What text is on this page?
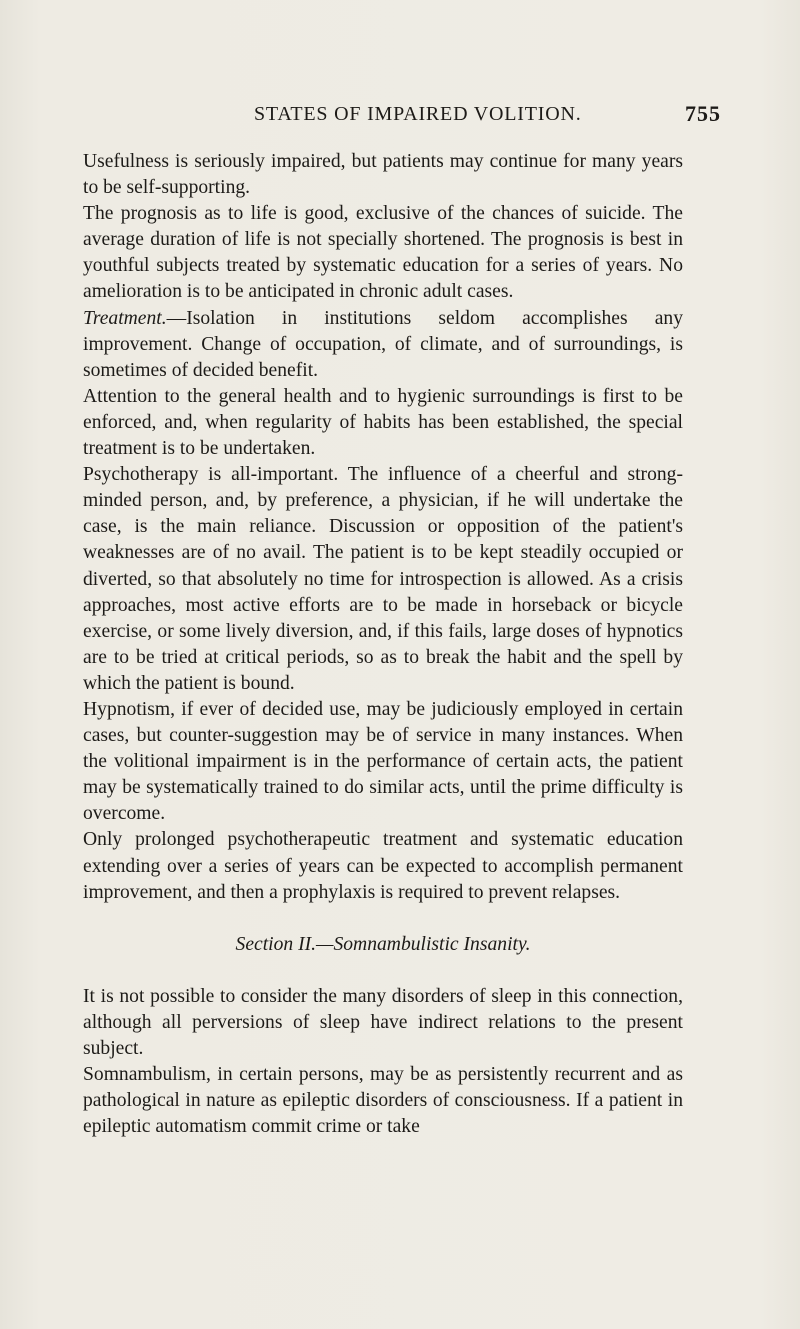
STATES OF IMPAIRED VOLITION.	755

Usefulness is seriously impaired, but patients may continue for many years to be self-supporting.

The prognosis as to life is good, exclusive of the chances of suicide. The average duration of life is not specially shortened. The prognosis is best in youthful subjects treated by systematic education for a series of years. No amelioration is to be anticipated in chronic adult cases.

Treatment.—Isolation in institutions seldom accomplishes any improvement. Change of occupation, of climate, and of surroundings, is sometimes of decided benefit.

Attention to the general health and to hygienic surroundings is first to be enforced, and, when regularity of habits has been established, the special treatment is to be undertaken.

Psychotherapy is all-important. The influence of a cheerful and strong-minded person, and, by preference, a physician, if he will undertake the case, is the main reliance. Discussion or opposition of the patient's weaknesses are of no avail. The patient is to be kept steadily occupied or diverted, so that absolutely no time for introspection is allowed. As a crisis approaches, most active efforts are to be made in horseback or bicycle exercise, or some lively diversion, and, if this fails, large doses of hypnotics are to be tried at critical periods, so as to break the habit and the spell by which the patient is bound.

Hypnotism, if ever of decided use, may be judiciously employed in certain cases, but counter-suggestion may be of service in many instances. When the volitional impairment is in the performance of certain acts, the patient may be systematically trained to do similar acts, until the prime difficulty is overcome.

Only prolonged psychotherapeutic treatment and systematic education extending over a series of years can be expected to accomplish permanent improvement, and then a prophylaxis is required to prevent relapses.

Section II.—Somnambulistic Insanity.

It is not possible to consider the many disorders of sleep in this connection, although all perversions of sleep have indirect relations to the present subject.

Somnambulism, in certain persons, may be as persistently recurrent and as pathological in nature as epileptic disorders of consciousness. If a patient in epileptic automatism commit crime or take
